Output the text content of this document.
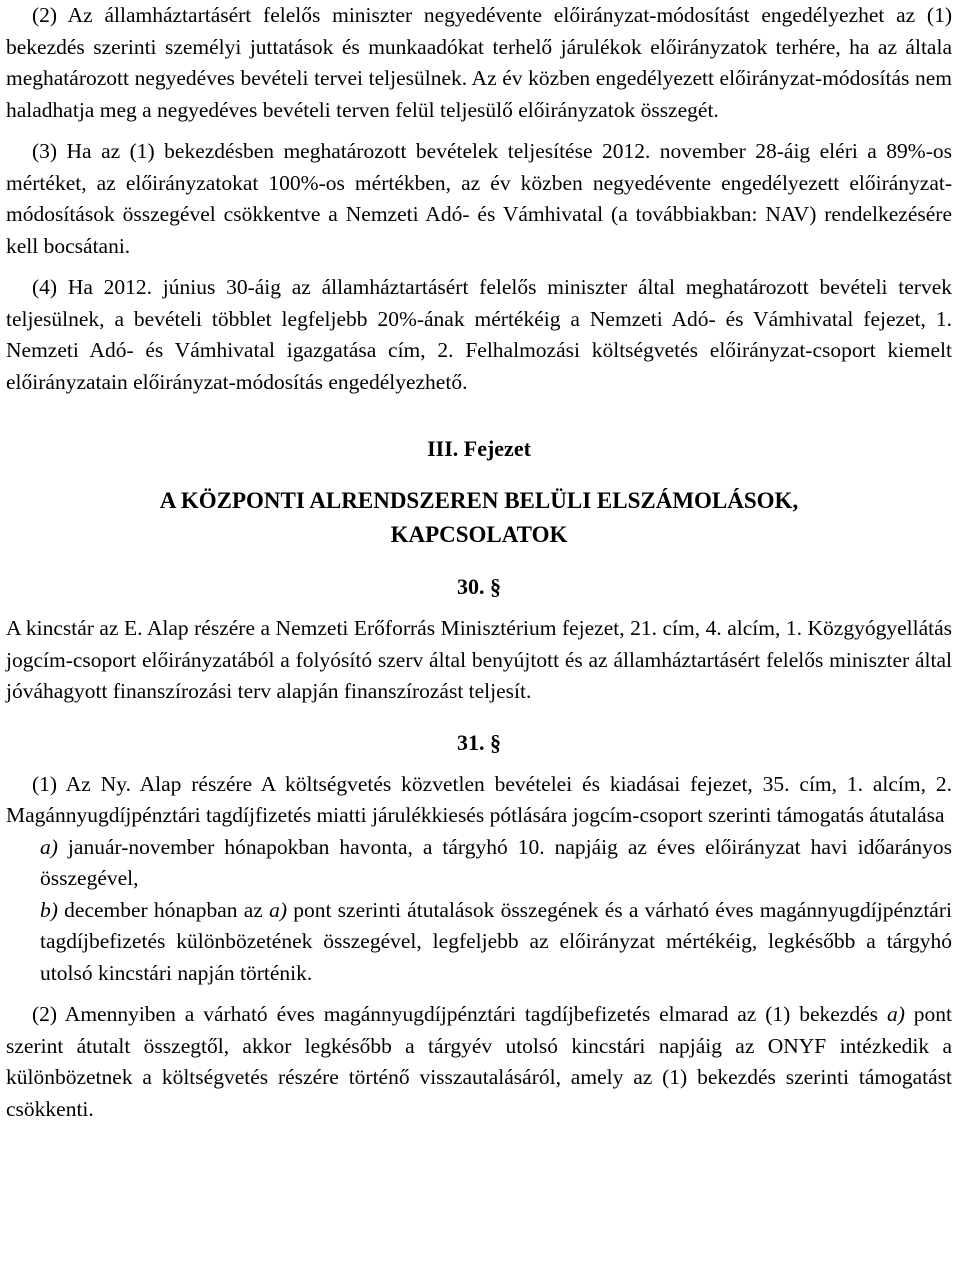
(2) Az államháztartásért felelős miniszter negyedévente előirányzat-módosítást engedélyezhet az (1) bekezdés szerinti személyi juttatások és munkaadókat terhelő járulékok előirányzatok terhére, ha az általa meghatározott negyedéves bevételi tervei teljesülnek. Az év közben engedélyezett előirányzat-módosítás nem haladhatja meg a negyedéves bevételi terven felül teljesülő előirányzatok összegét.

(3) Ha az (1) bekezdésben meghatározott bevételek teljesítése 2012. november 28-áig eléri a 89%-os mértéket, az előirányzatokat 100%-os mértékben, az év közben negyedévente engedélyezett előirányzat-módosítások összegével csökkentve a Nemzeti Adó- és Vámhivatal (a továbbiakban: NAV) rendelkezésére kell bocsátani.

(4) Ha 2012. június 30-áig az államháztartásért felelős miniszter által meghatározott bevételi tervek teljesülnek, a bevételi többlet legfeljebb 20%-ának mértékéig a Nemzeti Adó- és Vámhivatal fejezet, 1. Nemzeti Adó- és Vámhivatal igazgatása cím, 2. Felhalmozási költségvetés előirányzat-csoport kiemelt előirányzatain előirányzat-módosítás engedélyezhető.

III. Fejezet
A KÖZPONTI ALRENDSZEREN BELÜLI ELSZÁMOLÁSOK,
KAPCSOLATOK
30. §

A kincstár az E. Alap részére a Nemzeti Erőforrás Minisztérium fejezet, 21. cím, 4. alcím, 1. Közgyógyellátás jogcím-csoport előirányzatából a folyósító szerv által benyújtott és az államháztartásért felelős miniszter által jóváhagyott finanszírozási terv alapján finanszírozást teljesít.

31. §

(1) Az Ny. Alap részére A költségvetés közvetlen bevételei és kiadásai fejezet, 35. cím, 1. alcím, 2. Magánnyugdíjpénztári tagdíjfizetés miatti járulékkiesés pótlására jogcím-csoport szerinti támogatás átutalása

a) január-november hónapokban havonta, a tárgyhó 10. napjáig az éves előirányzat havi időarányos összegével,

b) december hónapban az a) pont szerinti átutalások összegének és a várható éves magánnyugdíjpénztári tagdíjbefizetés különbözetének összegével, legfeljebb az előirányzat mértékéig, legkésőbb a tárgyhó utolsó kincstári napján történik.

(2) Amennyiben a várható éves magánnyugdíjpénztári tagdíjbefizetés elmarad az (1) bekezdés a) pont szerint átutalt összegtől, akkor legkésőbb a tárgyév utolsó kincstári napjáig az ONYF intézkedik a különbözetnek a költségvetés részére történő visszautalásáról, amely az (1) bekezdés szerinti támogatást csökkenti.
